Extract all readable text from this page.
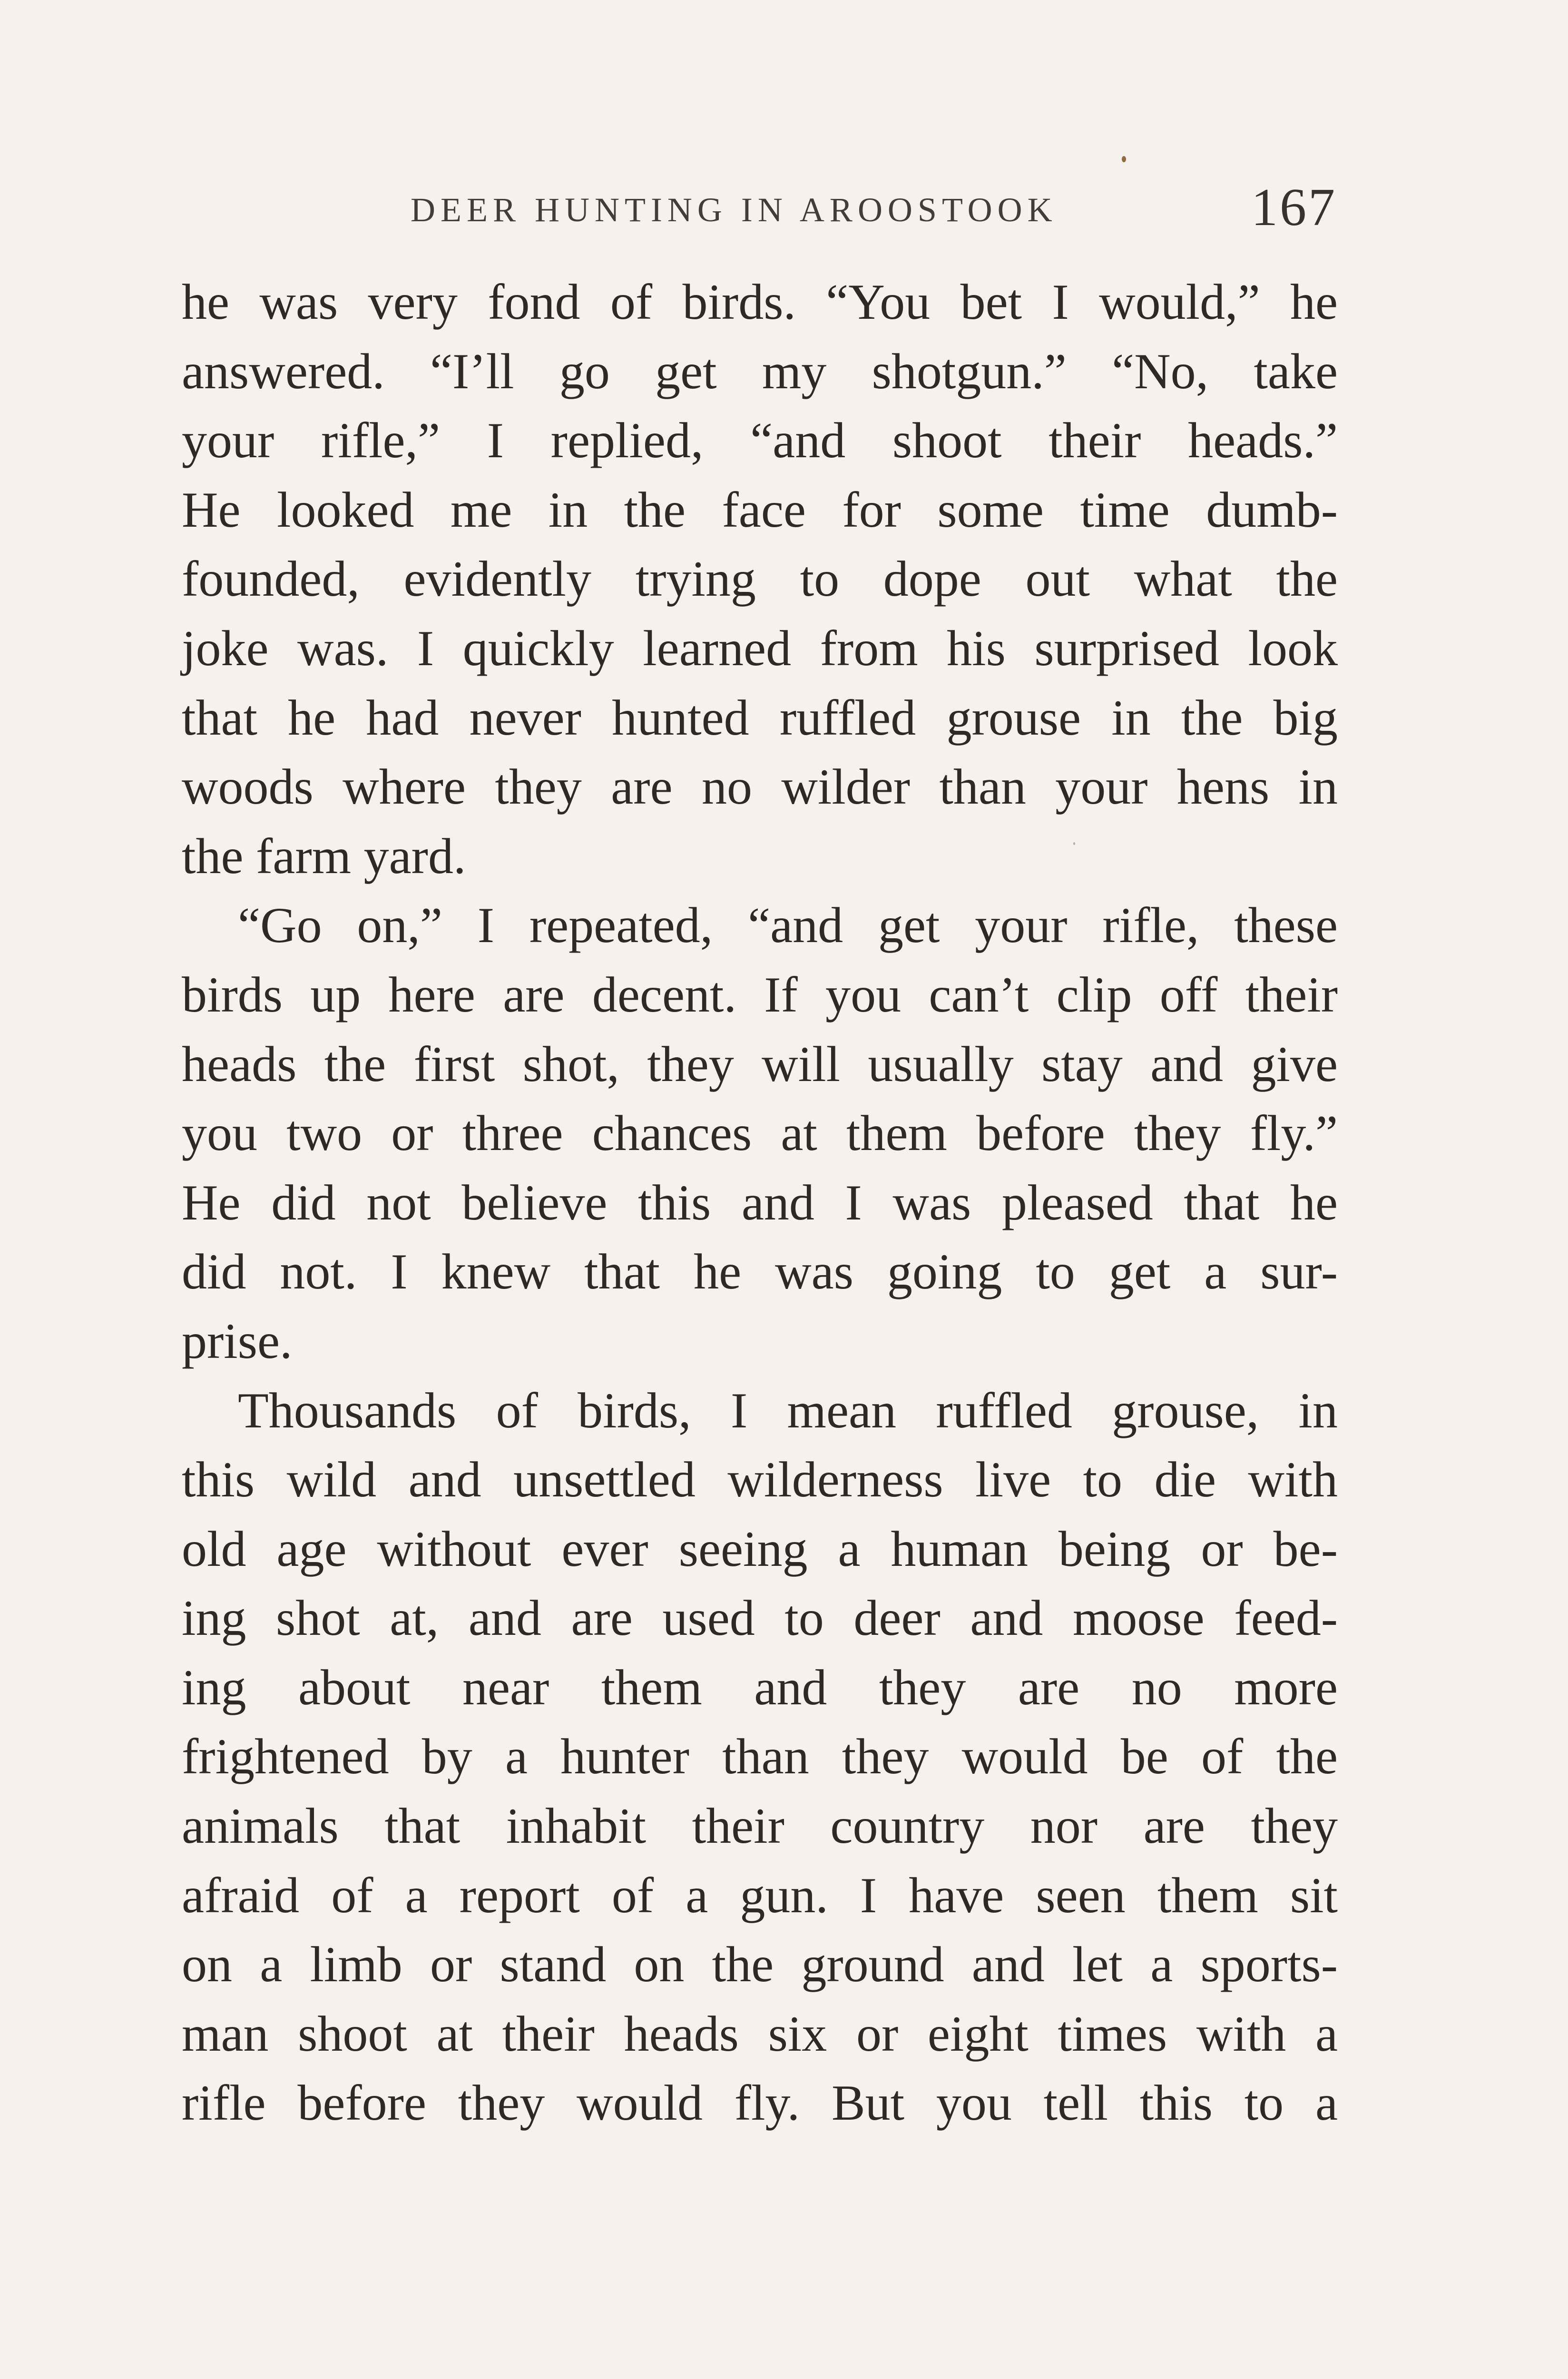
DEER HUNTING IN AROOSTOOK	167
he was very fond of birds. “You bet I would,” he
answered. “I’ll go get my shotgun.” “No, take
your rifle,” I replied, “and shoot their heads.”
He looked me in the face for some time dumb-
founded, evidently trying to dope out what the
joke was. I quickly learned from his surprised look
that he had never hunted ruffled grouse in the big
woods where they are no wilder than your hens in
the farm yard.
“Go on,” I repeated, “and get your rifle, these
birds up here are decent. If you can’t clip off their
heads the first shot, they will usually stay and give
you two or three chances at them before they fly.”
He did not believe this and I was pleased that he
did not. I knew that he was going to get a sur-
prise.
Thousands of birds, I mean ruffled grouse, in
this wild and unsettled wilderness live to die with
old age without ever seeing a human being or be-
ing shot at, and are used to deer and moose feed-
ing about near them and they are no more
frightened by a hunter than they would be of the
animals that inhabit their country nor are they
afraid of a report of a gun. I have seen them sit
on a limb or stand on the ground and let a sports-
man shoot at their heads six or eight times with a
rifle before they would fly. But you tell this to a
